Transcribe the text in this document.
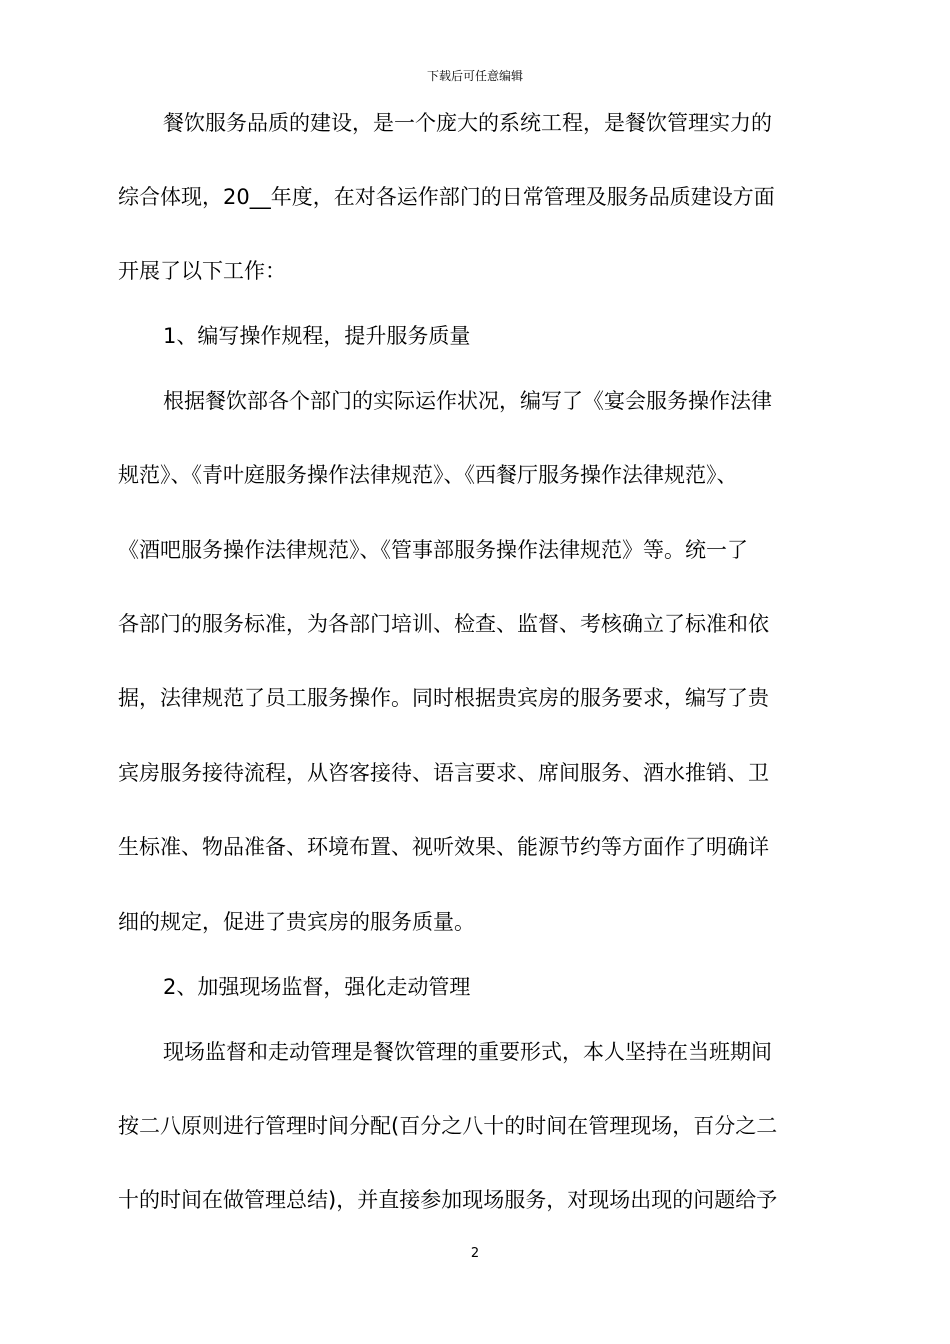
下载后可任意编辑
餐饮服务品质的建设，是一个庞大的系统工程，是餐饮管理实力的
综合体现，20__年度，在对各运作部门的日常管理及服务品质建设方面
开展了以下工作：
1、编写操作规程，提升服务质量
根据餐饮部各个部门的实际运作状况，编写了《宴会服务操作法律
规范》、《青叶庭服务操作法律规范》、《西餐厅服务操作法律规范》、
《酒吧服务操作法律规范》、《管事部服务操作法律规范》等。统一了
各部门的服务标准，为各部门培训、检查、监督、考核确立了标准和依
据，法律规范了员工服务操作。同时根据贵宾房的服务要求，编写了贵
宾房服务接待流程，从咨客接待、语言要求、席间服务、酒水推销、卫
生标准、物品准备、环境布置、视听效果、能源节约等方面作了明确详
细的规定，促进了贵宾房的服务质量。
2、加强现场监督，强化走动管理
现场监督和走动管理是餐饮管理的重要形式，本人坚持在当班期间
按二八原则进行管理时间分配(百分之八十的时间在管理现场，百分之二
十的时间在做管理总结)，并直接参加现场服务，对现场出现的问题给予
2
